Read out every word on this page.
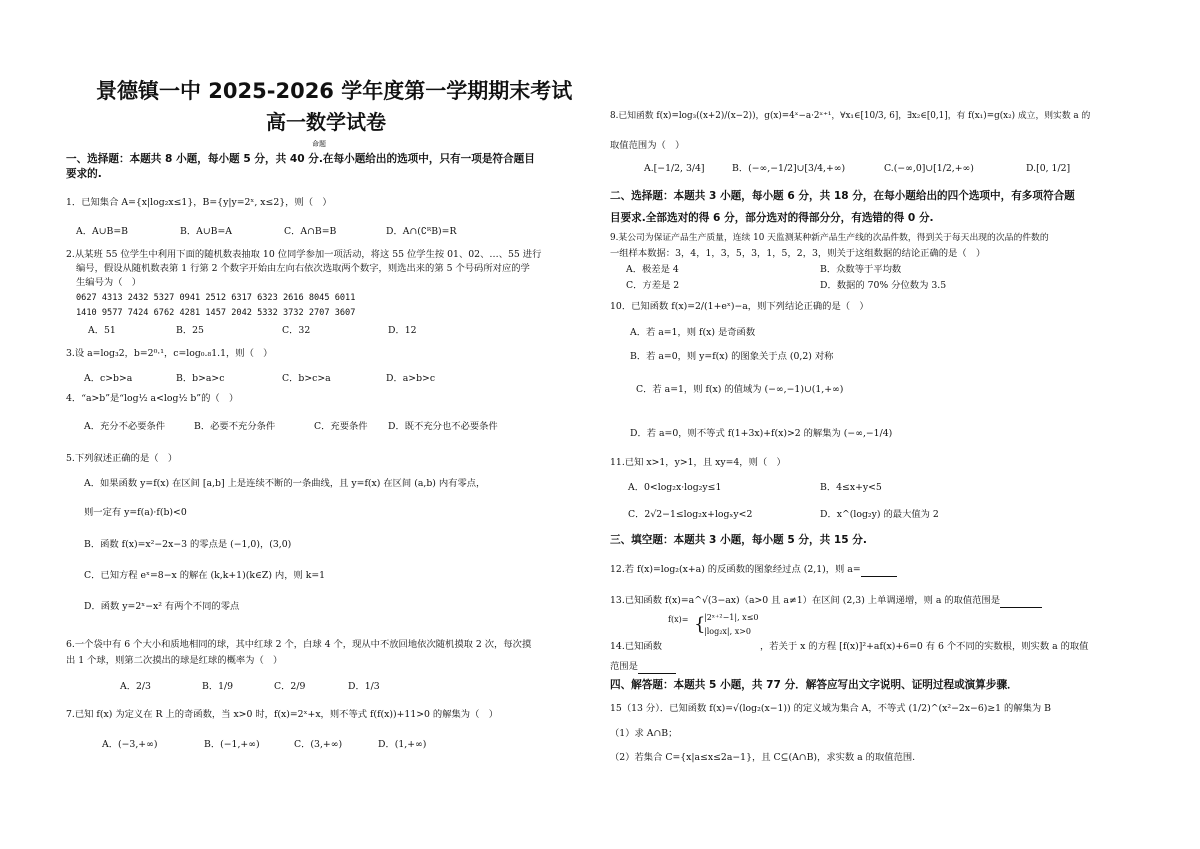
景德镇一中 2025-2026 学年度第一学期期末考试
高一数学试卷
命题
一、选择题：本题共 8 小题，每小题 5 分，共 40 分.在每小题给出的选项中，只有一项是符合题目
要求的.
1．已知集合 A={x|log₂x≤1}，B={y|y=2ˣ, x≤2}，则（　）
A．A∪B=B	B．A∪B=A	C．A∩B=B	D．A∩(∁ᴿB)=R
2.从某班 55 位学生中利用下面的随机数表抽取 10 位同学参加一项活动，将这 55 位学生按 01、02、…、55 进行
编号，假设从随机数表第 1 行第 2 个数字开始由左向右依次选取两个数字，则选出来的第 5 个号码所对应的学
生编号为（　）
0627 4313 2432 5327 0941 2512 6317 6323 2616 8045 6011
1410 9577 7424 6762 4281 1457 2042 5332 3732 2707 3607
A．51	B．25	C．32	D．12
3.设 a=log₃2，b=2⁰·¹，c=log₀.₈1.1，则（　）
A．c>b>a	B．b>a>c	C．b>c>a	D．a>b>c
4．“a>b”是“log½ a<log½ b”的（　）
A．充分不必要条件	B．必要不充分条件	C．充要条件 D．既不充分也不必要条件
5.下列叙述正确的是（　）
A．如果函数 y=f(x) 在区间 [a,b] 上是连续不断的一条曲线，且 y=f(x) 在区间 (a,b) 内有零点，
则一定有 y=f(a)·f(b)<0
B．函数 f(x)=x²−2x−3 的零点是 (−1,0)，(3,0)
C．已知方程 eˣ=8−x 的解在 (k,k+1)(k∈Z) 内，则 k=1
D．函数 y=2ˣ−x² 有两个不同的零点
6.一个袋中有 6 个大小和质地相同的球，其中红球 2 个，白球 4 个，现从中不放回地依次随机摸取 2 次，每次摸
出 1 个球，则第二次摸出的球是红球的概率为（　）
A．2/3	B．1/9	C．2/9	D．1/3
7.已知 f(x) 为定义在 R 上的奇函数，当 x>0 时，f(x)=2ˣ+x，则不等式 f(f(x))+11>0 的解集为（　）
A．(−3,+∞)	B．(−1,+∞)	C．(3,+∞)	D．(1,+∞)
8.已知函数 f(x)=log₃((x+2)/(x−2))，g(x)=4ˣ−a·2ˣ⁺¹，∀x₁∈[10/3, 6]，∃x₂∈[0,1]，有 f(x₁)=g(x₂) 成立，则实数 a 的
取值范围为（　）
A.[−1/2, 3/4]	B．(−∞,−1/2]∪[3/4,+∞)	C.(−∞,0]∪[1/2,+∞)	D.[0, 1/2]
二、选择题：本题共 3 小题，每小题 6 分，共 18 分，在每小题给出的四个选项中，有多项符合题
目要求.全部选对的得 6 分，部分选对的得部分分，有选错的得 0 分.
9.某公司为保证产品生产质量，连续 10 天监测某种新产品生产线的次品件数，得到关于每天出现的次品的件数的
一组样本数据：3，4，1，3，5，3，1，5，2，3，则关于这组数据的结论正确的是（　）
A．极差是 4	B．众数等于平均数
C．方差是 2	D．数据的 70% 分位数为 3.5
10．已知函数 f(x)=2/(1+eˣ)−a，则下列结论正确的是（　）
A．若 a=1，则 f(x) 是奇函数
B．若 a=0，则 y=f(x) 的图象关于点 (0,2) 对称
C．若 a=1，则 f(x) 的值域为 (−∞,−1)∪(1,+∞)
D．若 a=0，则不等式 f(1+3x)+f(x)>2 的解集为 (−∞,−1/4)
11.已知 x>1，y>1，且 xy=4，则（　）
A．0<log₂x·log₂y≤1	B．4≤x+y<5
C．2√2−1≤log₂x+logₓy<2	D．x^(log₂y) 的最大值为 2
三、填空题：本题共 3 小题，每小题 5 分，共 15 分.
12.若 f(x)=log₂(x+a) 的反函数的图象经过点 (2,1)，则 a=
13.已知函数 f(x)=a^√(3−ax)（a>0 且 a≠1）在区间 (2,3) 上单调递增，则 a 的取值范围是
14.已知函数
f(x)= {
|2ˣ⁺²−1|, x≤0
|log₂x|, x>0
，若关于 x 的方程 [f(x)]²+af(x)+6=0 有 6 个不同的实数根，则实数 a 的取值
范围是
四、解答题：本题共 5 小题，共 77 分．解答应写出文字说明、证明过程或演算步骤．
15（13 分）．已知函数 f(x)=√(log₂(x−1)) 的定义域为集合 A，不等式 (1/2)^(x²−2x−6)≥1 的解集为 B
（1）求 A∩B；
（2）若集合 C={x|a≤x≤2a−1}，且 C⊆(A∩B)，求实数 a 的取值范围.
